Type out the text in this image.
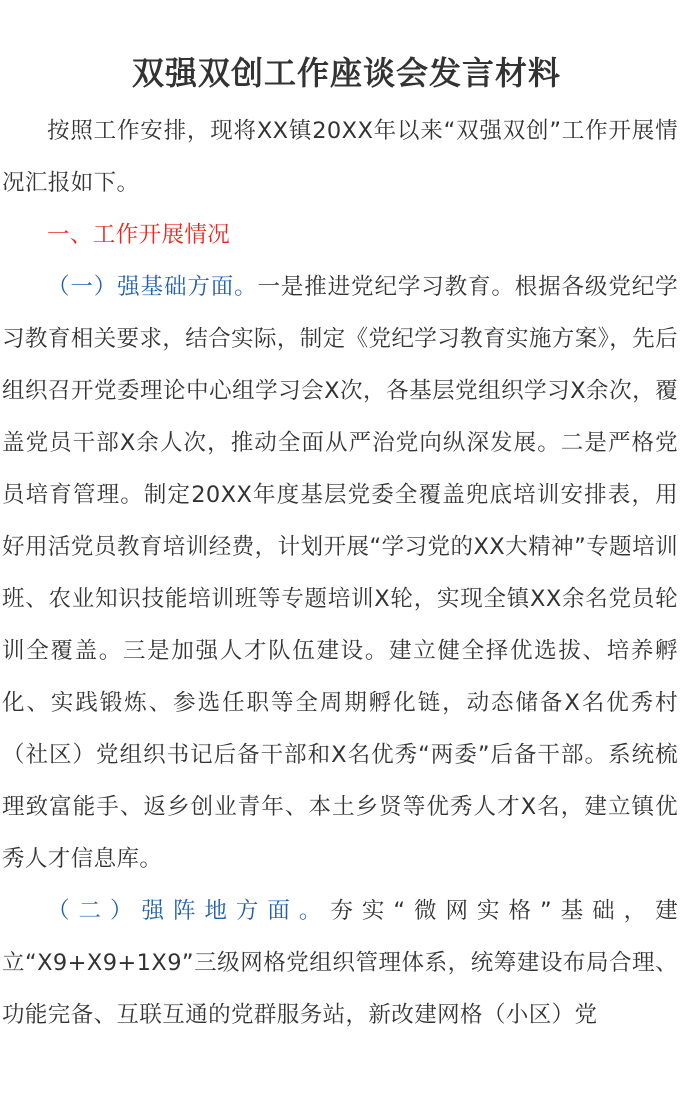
双强双创工作座谈会发言材料

按照工作安排，现将XX镇20XX年以来“双强双创”工作开展情况汇报如下。

一、工作开展情况

（一）强基础方面。一是推进党纪学习教育。根据各级党纪学习教育相关要求，结合实际，制定《党纪学习教育实施方案》，先后组织召开党委理论中心组学习会X次，各基层党组织学习X余次，覆盖党员干部X余人次，推动全面从严治党向纵深发展。二是严格党员培育管理。制定20XX年度基层党委全覆盖兜底培训安排表，用好用活党员教育培训经费，计划开展“学习党的XX大精神”专题培训班、农业知识技能培训班等专题培训X轮，实现全镇XX余名党员轮训全覆盖。三是加强人才队伍建设。建立健全择优选拔、培养孵化、实践锻炼、参选任职等全周期孵化链，动态储备X名优秀村（社区）党组织书记后备干部和X名优秀“两委”后备干部。系统梳理致富能手、返乡创业青年、本土乡贤等优秀人才X名，建立镇优秀人才信息库。

（二）强阵地方面。夯实“微网实格”基础，建立“X9+X9+1X9”三级网格党组织管理体系，统筹建设布局合理、功能完备、互联互通的党群服务站，新改建网格（小区）党
